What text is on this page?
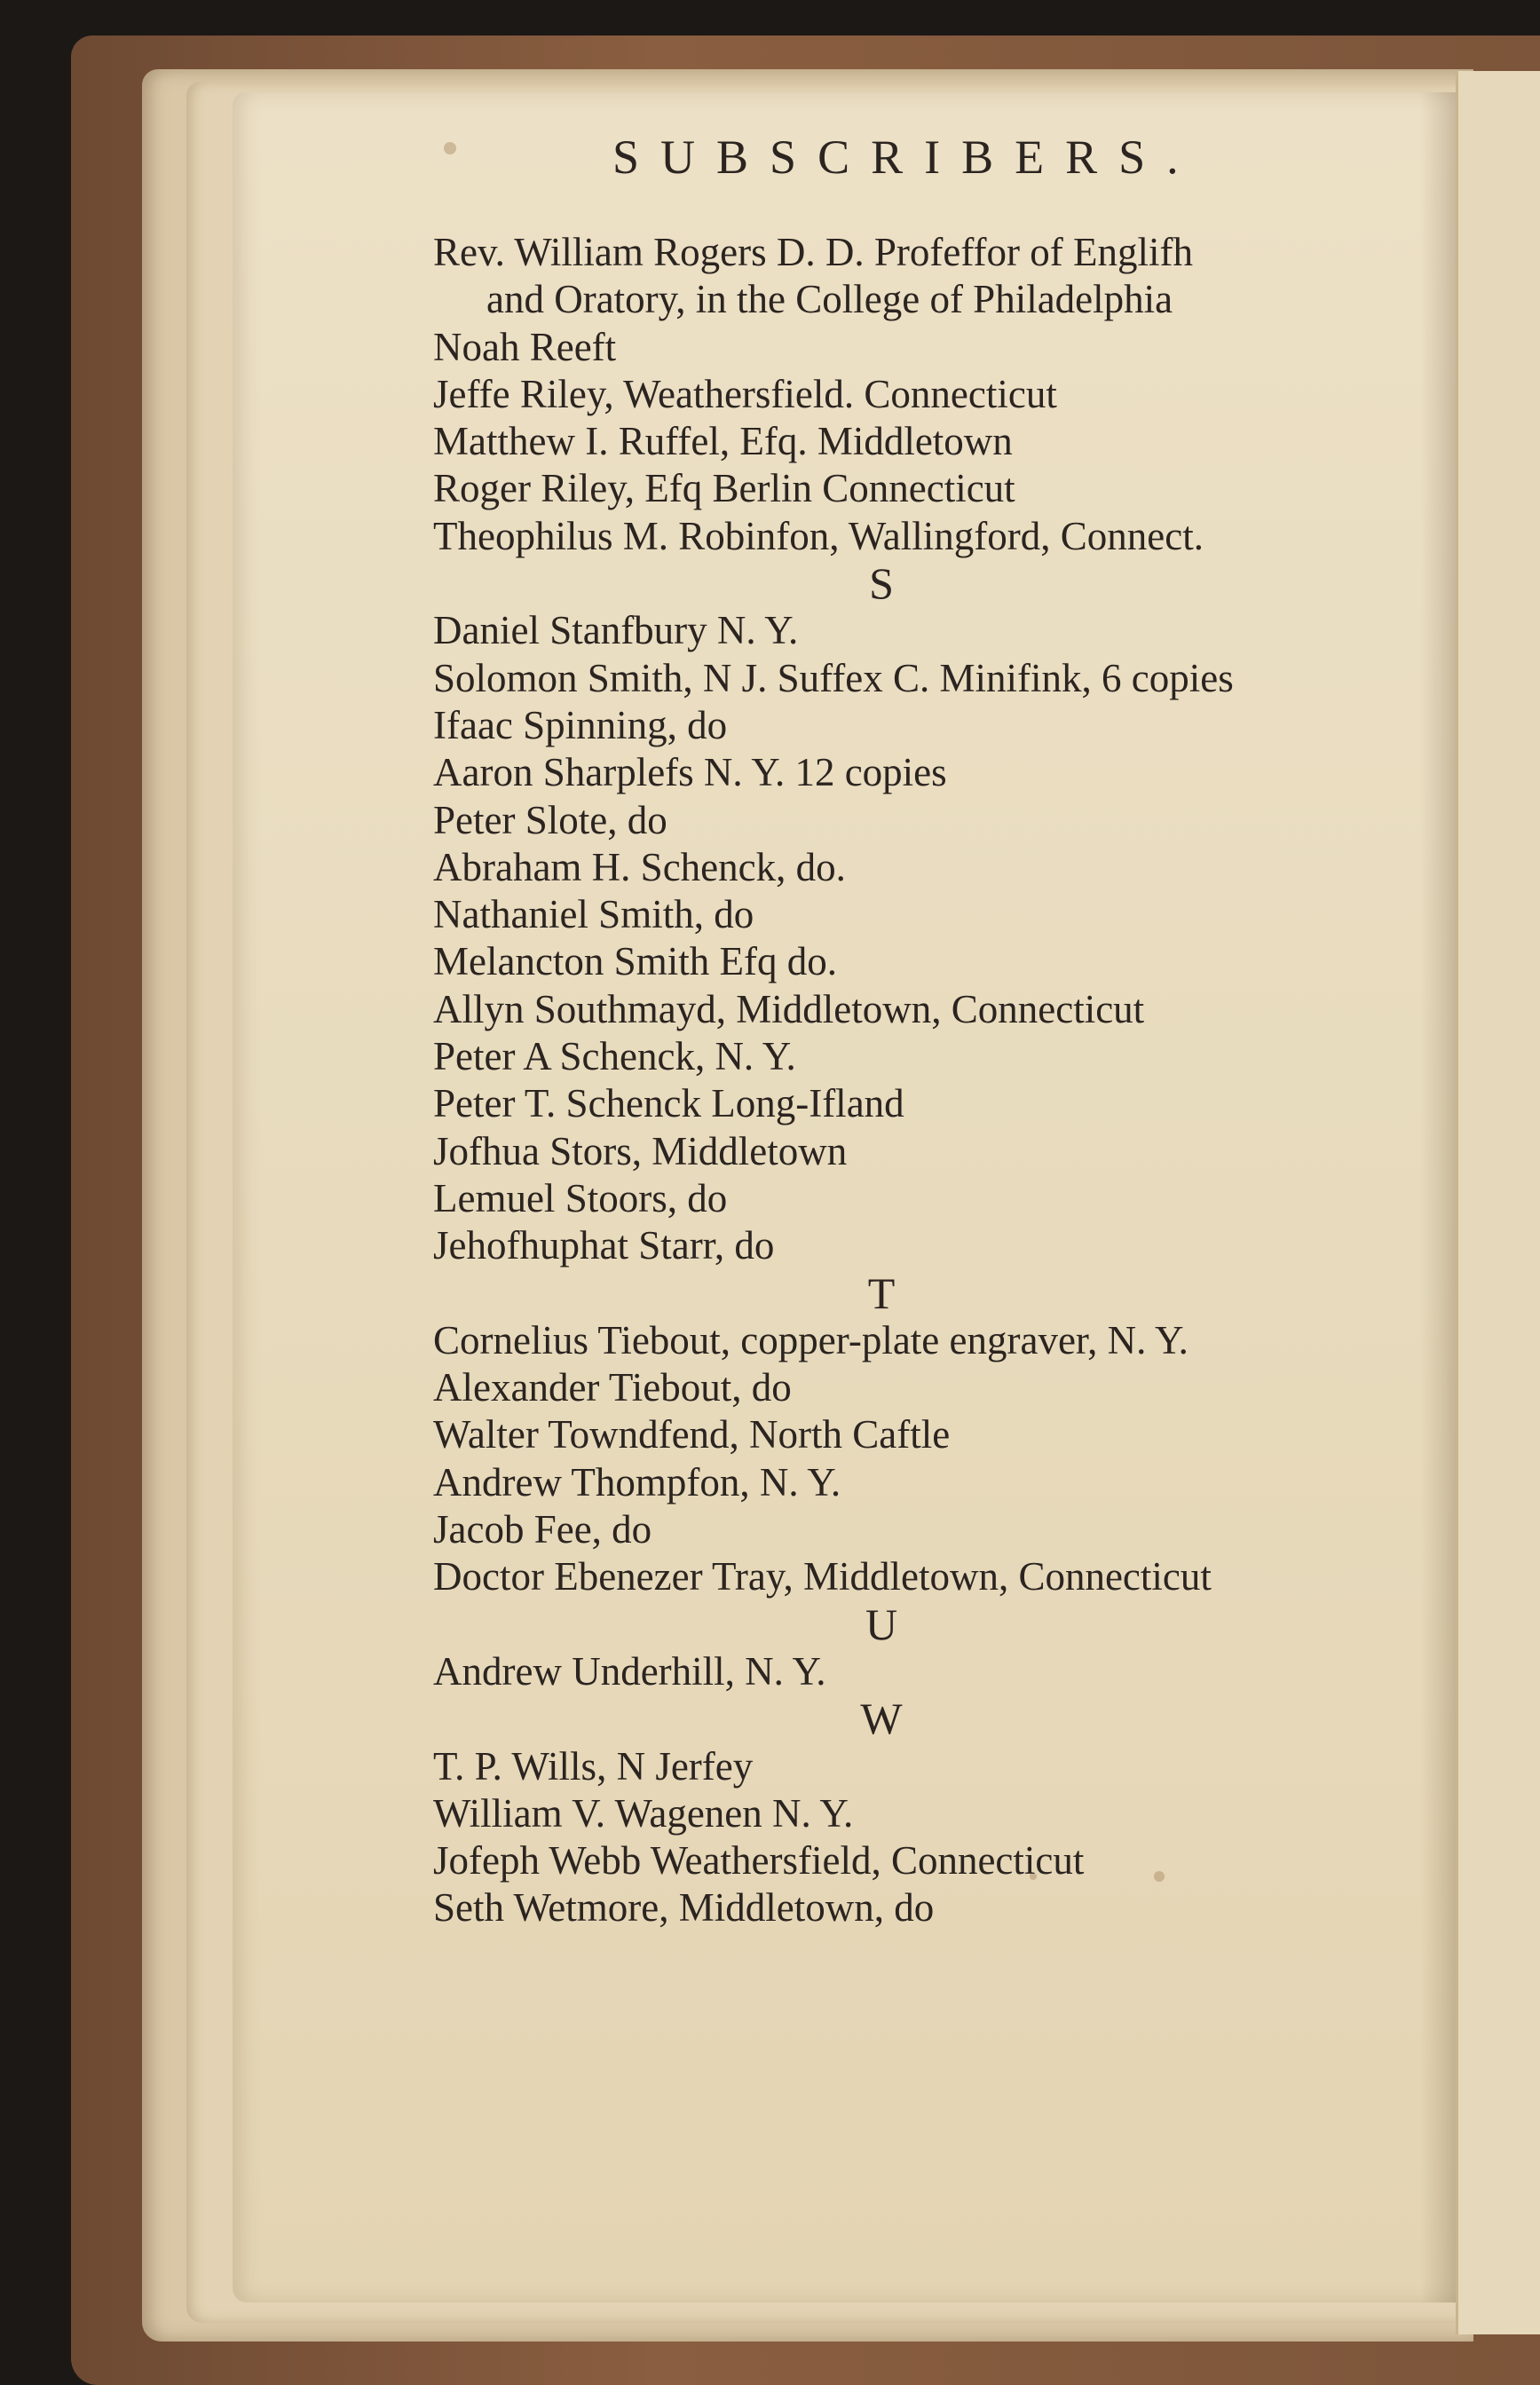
SUBSCRIBERS.
Rev. William Rogers D. D. Profeffor of Englifh
and Oratory, in the College of Philadelphia
Noah Reeft
Jeffe Riley, Weathersfield. Connecticut
Matthew I. Ruffel, Efq. Middletown
Roger Riley, Efq Berlin Connecticut
Theophilus M. Robinfon, Wallingford, Connect.
S
Daniel Stanfbury N. Y.
Solomon Smith, N J. Suffex C. Minifink, 6 copies
Ifaac Spinning, do
Aaron Sharplefs N. Y. 12 copies
Peter Slote, do
Abraham H. Schenck, do.
Nathaniel Smith, do
Melancton Smith Efq do.
Allyn Southmayd, Middletown, Connecticut
Peter A Schenck, N. Y.
Peter T. Schenck Long-Ifland
Jofhua Stors, Middletown
Lemuel Stoors, do
Jehofhuphat Starr, do
T
Cornelius Tiebout, copper-plate engraver, N. Y.
Alexander Tiebout, do
Walter Towndfend, North Caftle
Andrew Thompfon, N. Y.
Jacob Fee, do
Doctor Ebenezer Tray, Middletown, Connecticut
U
Andrew Underhill, N. Y.
W
T. P. Wills, N Jerfey
William V. Wagenen N. Y.
Jofeph Webb Weathersfield, Connecticut
Seth Wetmore, Middletown, do
